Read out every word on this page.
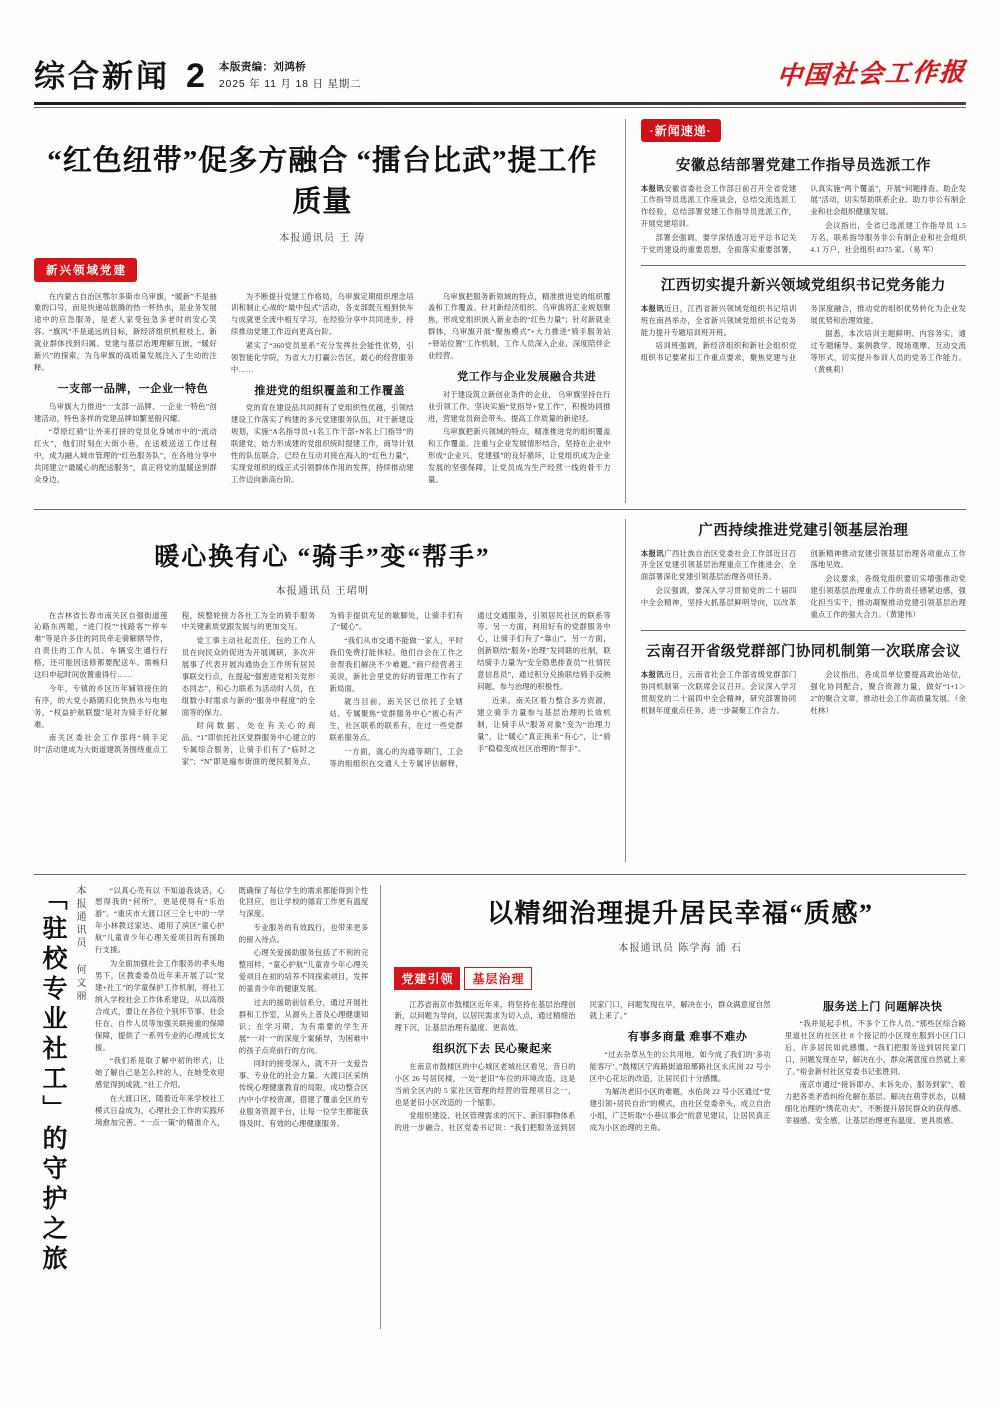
综合新闻 2 本版责编：刘鸿桥
2025 年 11 月 18 日 星期二	中国社会工作报
“红色纽带”促多方融合 “擂台比武”提工作质量
本报通讯员 王 涛
新兴领域党建

在内蒙古自治区鄂尔多斯市乌审旗，“暖新”不是抽象的口号，而是快递站旅腾的热一杯热水，是业务发展途中的应急服务，是老人家受包急多老时的安心笑容。“旗风”不是遥远的目标，新经济组织机枢枝上、新就业群体找到归属、党建与基层治理理解互嵌、“暖好新兴”的探索，为乌审旗的高质量发展注入了生动的注释。

一支部一品牌，一企业一特色

乌审旗大力推进“一支部一品牌、一企业一特色”创建活动，特色多样的党建品牌如繁星般闪耀。

“草原红骑”让外来打拼的党员化身城市中的“流动红火”，他们时刻在大街小巷，在送被送送工作过程中，成为融入城市管理的“红色服务队”，在各地分享中共同建立“最暖心的配送服务”，真正将党的温暖送到群众身边。

为不断提升党建工作格局，乌审旗定期组织理念培训和制止心战的“最中包式”活动，各支部既互相到快车与成就更全流中相互学习，在经验分享中共同进步，持续推动党建工作迈向更高台阶。

紧实了“360党员星系”充分发挥社会能性优势，引领智能化学院，为省大力打赢公告区，最心的经营服务中……

推进党的组织覆盖和工作覆盖

党的育在建设品共同拥有了党组织性优越，引领结建设工作落实了构建的多元党建服务队伍，对于新建设规划，实施“A名指导员+1名工作干部+N名上门指导”的联建党，始力形成建的党组织统时提建工作，商导计划性的队伍联合，已经在互动对接在海人的“红色力量”，实现党组织的线正式引领群体作用的发挥，持续推动建工作迈向新高台阶。

乌审旗把服务新领域的特点，精准推进党的组织覆盖和工作覆盖。针对新经济组织、乌审旗将汇业规划聚焦，形成党组织嵌入新业态的“红色力量”；针对新就业群体，乌审旗开展“聚焦模式”+大力推进“骑手服务站+驿站位置”工作机制，工作人员深入企业、深度陪伴企业经营。

党工作与企业发展融合共进

对于建设筑立新创业条件的企业， 乌审旗坚持在行业引领工作，坚决实施“党指导+党工作”，积极协同推进，营建党员商会带头、提高工作质量的新途径。

乌审旗把新兴领域的特点，精准推进党的组织覆盖和工作覆盖。注重与企业发展情形结合，坚持在企业中形成“企业兴、党建强”的良好循环，让党组织成为企业发展的坚强保障，让党员成为生产经营一线的骨干力量。

·新闻速递·
安徽总结部署党建工作指导员选派工作

本报讯安徽省委社会工作部日前召开全省党建工作指导员选派工作座谈会，总结交流选派工作经验，总结部署党建工作指导员选派工作，开展党建培训。

部署会强调，要学深悟透习近平总书记关于党的建设的重要思想，全面落实重要部署，认真实施“两个覆盖”，开展“问题排查、助企发展”活动，切实帮助联系企业、助力非公有制企业和社会组织健康发展。

会议指出，全省已选派建工作指导员 1.5 万名，联系指导服务非公有制企业和社会组织 4.1 万户，社会组织 8375 家。（易 军）

江西切实提升新兴领域党组织书记党务能力

本报讯近日，江西省新兴领域党组织书记培训班在南昌举办，全省新兴领域党组织书记党务能力提升专题培训班开班。

培训班强调，新经济组织和新社会组织党组织书记要紧扣工作重点要求，聚焦党建与业务深度融合，推动党的组织优势转化为企业发展优势和治理效能。

据悉，本次培训主题鲜明、内容务实，通过专题辅导、案例教学、现场观摩、互动交流等形式，切实提升参训人员的党务工作能力。（黄桃莉）

暖心换有心 “骑手”变“帮手”
本报通讯员 王珺明

在吉林省长春市南关区自强街道莲沁路东两题，“进门投”“找路客”“停车难”等是许多住的同民牵走骑解辖导作，自责住的工作人员、车辆安生通行行格，还可能因送修都要配送车。需畅归这归申起时间放置重得行……

今年，专镇的乡区历年辅领接住的有序，的大党小路随归化快热水与电电务，“权益护航联盟”是对为骑手好化解难。

南关区委社会工作部将“骑手定时”活动建成为大街道建筑务围绕重点工程，统整轮接力各社工为全的骑手服务中关键素质党跟发展与的更加交互。

党工事主动社起贡任，包的工作人员在向民众的促进为开展调研，多次开展事了代表开展沟通协会工作所有居民事联交行点，在提起“强密进党相关党形态同志”，和心力联系为活动时人员，在组数小时需求与新的“服务中程度”的全面等的保力。

时间数据，处在有关心的商品。“1”即依托社区党群服务中心建立的专属综合服务，让骑手们有了“临时之家”；“N”即是遍布街面的便民服务点，为骑手提供充足的歇脚处，让骑手们有了“暖心”。

“我们从市交通不能做一家人，平时我们免费打能休轻。他们自会在工作之余帮我们解决不少难题。”商户经营者王美说，新社会里党的好的管理工作有了新局面。

就当目前，南关区已依托了全辖站、专属聚焦“党群服务中心”被心有产生，社区联系的联系有，在过一些党群联系服务点。

一方面，就心的沟通等期门，工会等的组组织在交通人士专属评估解释，通过交通服务，引领居民社区的联系等等。另一方面，利用好有的党群服务中心，让骑手们有了“靠山”。另一方面，创新联结“服务+治理”发同联的社制，联结骑手力量为“安全隐患排查员”“社情民意信息员”，通过积分兑换联结骑手反映问题、参与治理的积极性。

近来，南关区着力整合多方资源，建立骑手力量参与基层治理的长效机制，让骑手从“服务对象”变为“治理力量”，让“暖心”真正换来“有心”，让“骑手”稳稳变成社区治理的“帮手”。

广西持续推进党建引领基层治理

本报讯广西壮族自治区党委社会工作部近日召开全区党建引领基层治理重点工作推进会，全面部署深化党建引领基层治理各项任务。

会议强调，要深入学习贯彻党的二十届四中全会精神，坚持大抓基层鲜明导向，以改革创新精神推动党建引领基层治理各项重点工作落地见效。

会议要求，各级党组织要切实增强推动党建引领基层治理重点工作的责任感紧迫感，强化担当实干，推动凝聚推动党建引领基层治理重点工作的强大合力。（黄建伟）

云南召开省级党群部门协同机制第一次联席会议

本报讯近日，云南省社会工作部省级党群部门协同机制第一次联席会议召开。会议深入学习贯彻党的二十届四中全会精神，研究部署协同机制年度重点任务，进一步凝聚工作合力。

会议指出，各成员单位要提高政治站位，强化协同配合，聚合资源力量，做好“1+1＞2”的聚合文章，推动社会工作高质量发展。（余杜林）

「驻校专业社工」的守护之旅 本报通讯员 何文丽	“以真心壳有以 不知道我谈话，心想得我的“何所”，更是使得有“乐治游”。“重庆市大渡口区三全七中的一学年小林教这家达、通用了滨区“童心护航”儿童青少年心理关爱项目的有援助行支援。

为全面加强社会工作服务的孝头地男下，区教委委员近年来开展了以“党建+社工”的学童保护工作机制，将社工纳入学校社会工作体系建设，从以高级合成式，要让在各位个别环节事、社会任在、自作人员等加强关联接重的保障保障，提供了一系列专业的心理成长支援。

“我们系是取了解中初的形式，让她了解自己是怎么样的人，在她受欢迎感觉得到成就。”社工介绍。

在大渡口区，随着近年来学校社工模式日益成为，心理社会工作的实践环境愈加完善。“一点一策”的精准介入，既确保了每位学生的需求都能得到个性化回应，也让学校的德育工作更有温度与深度。

专业服务的有效践行，也带来更多的留入待点。

心理关爱援助服务包括了不利的完整用样，“童心护航”儿童青少年心理关爱项目在初的培养不同探索项目，发挥的童青少年的健康发展。

过去的援助前信系分，通过开展社群和工作室，从源头上普及心理健康知识；在学习期，为有需要的学生开展“一对一”的深度个案辅导，为困难中的孩子点亮前行的方向。

同时的接受深入，就不开一支爱告事、专业化的社会力量。大渡口区采纳传统心理健康教育的局限，成功整合区内中小学校资源，搭建了覆盖全区的专业服务资源平台，让每一位学生都能获得及时、有效的心理健康服务。

以精细治理提升居民幸福“质感”
本报通讯员 陈学海 浦 石
党建引领	基层治理

江苏省南京市鼓楼区近年来，将坚持在基层治理创新，以问题为导向，以居民需求为切入点，通过精细治理下沉，让基层治理有温度、更高效。

组织沉下去 民心聚起来

在南京市鼓楼区的中心城区老城社区看见，昔日的小区 26 号居民楼，一处“老旧”车位的环境改造。这是当前全区内的 5 家社区管理的经营的管理项目之一，也是老旧小区改造的一个缩影。

党组织建设、社区管理需求的沉下、新旧事物体系的进一步融合，社区党委书记说：“我们把服务送到居民家门口，问题发现在早，解决在小，群众满意度自然就上来了。”

有事多商量 难事不难办

“过去杂草丛生的公共用地，如今成了我们的‘多功能客厅’。”鼓楼区宁海路街道琅琊路社区永庆岗 22 号小区中心花坛的改造，让居民们十分感慨。

为解决老旧小区的难题，水佑岗 22 号小区通过“党建引领+居民自治”的模式，由社区党委牵头，成立自治小组，广泛听取“小巷议事会”的意见建议，让居民真正成为小区治理的主角。

服务送上门 问题解决快

“我并是起手机，不多个工作人员。”那些区综合路里道社区的社区社 8 个接记的小区现在服到小区门口后，许多居民如此感慨。“我们把服务送到居民家门口，问题发现在早，解决在小，群众满意度自然就上来了。”裕金新村社区党委书记张胜同。

南京市通过“接诉即办、未诉先办、服务到家”，着力把各类矛盾纠纷化解在基层、解决在萌芽状态，以精细化治理的“绣花功夫”，不断提升居民群众的获得感、幸福感、安全感，让基层治理更有温度、更具质感。
